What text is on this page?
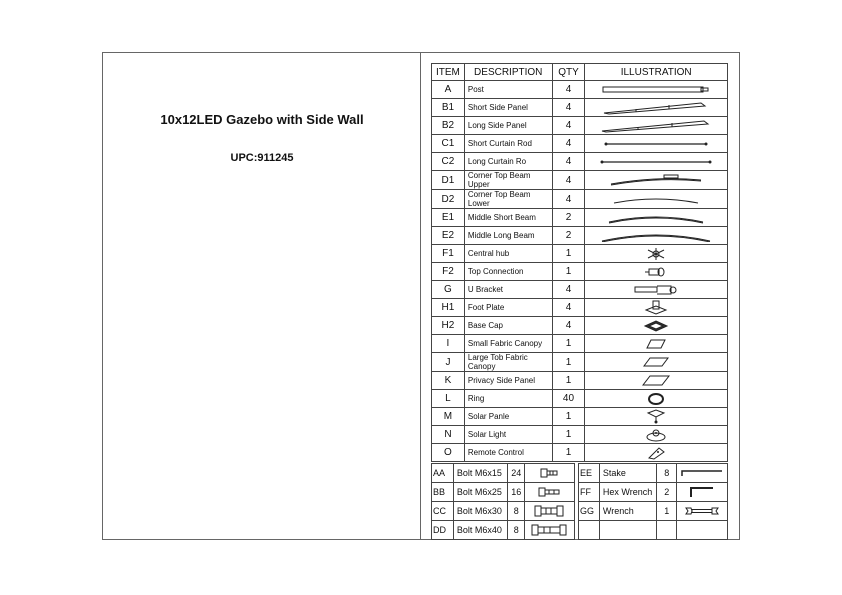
10x12LED Gazebo with Side Wall
UPC:911245
ITEM	DESCRIPTION	QTY	ILLUSTRATION
A	Post	4	

B1	Short Side Panel	4	

B2	Long Side Panel	4	

C1	Short Curtain Rod	4	

C2	Long Curtain Ro	4	

D1	Corner Top Beam Upper	4	

D2	Corner Top Beam Lower	4	

E1	Middle Short Beam	2	

E2	Middle Long Beam	2	

F1	Central hub	1	

F2	Top Connection	1	

G	U Bracket	4	

H1	Foot Plate	4	

H2	Base Cap	4	

I	Small Fabric Canopy	1	

J	Large Tob Fabric Canopy	1	

K	Privacy Side Panel	1	

L	Ring	40	

M	Solar Panle	1	

N	Solar Light	1	

O	Remote Control	1	
AA	Bolt M6x15	24	

BB	Bolt M6x25	16	

CC	Bolt M6x30	8	

DD	Bolt M6x40	8	
EE	Stake	8	

FF	Hex Wrench	2	

GG	Wrench	1	
